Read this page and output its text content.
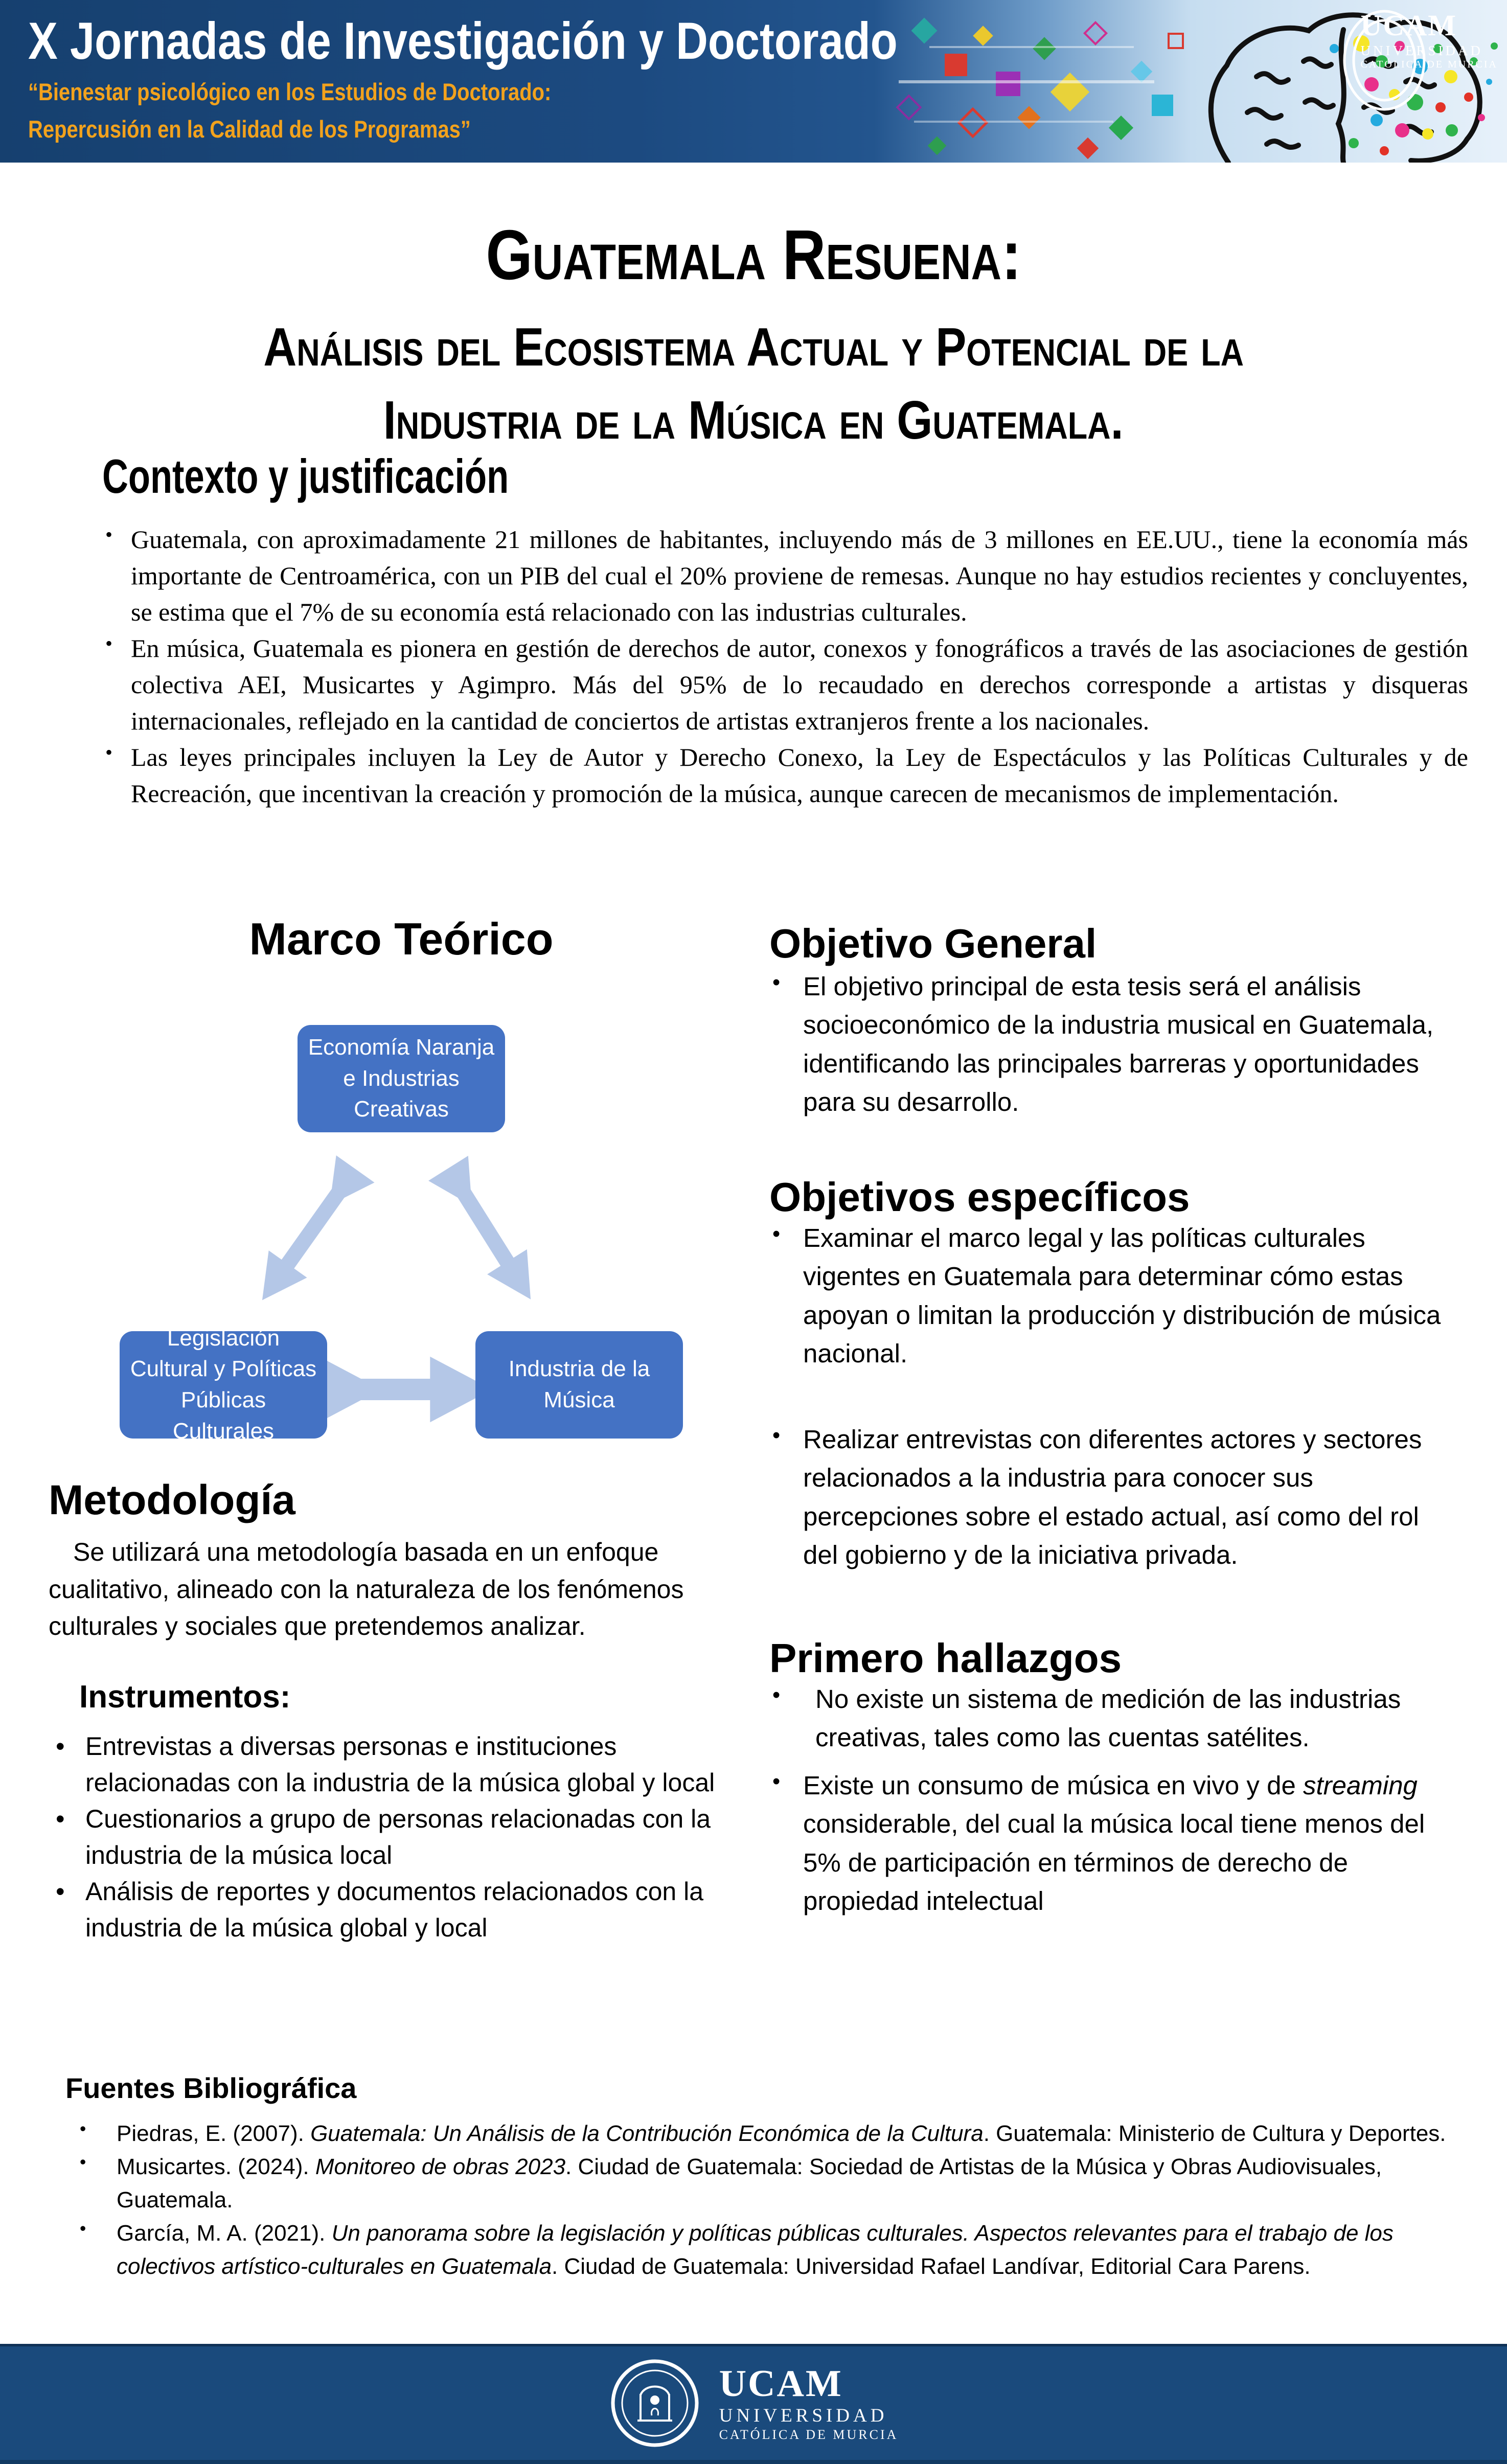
X Jornadas de Investigación y Doctorado
“Bienestar psicológico en los Estudios de Doctorado:
Repercusión en la Calidad de los Programas”
UCAM
UNIVERSIDAD
CATÓLICA DE MURCIA
Guatemala Resuena:
Análisis del Ecosistema Actual y Potencial de la
Industria de la Música en Guatemala.
Contexto y justificación
• Guatemala, con aproximadamente 21 millones de habitantes, incluyendo más de 3 millones en EE.UU., tiene la economía más importante de Centroamérica, con un PIB del cual el 20% proviene de remesas. Aunque no hay estudios recientes y concluyentes, se estima que el 7% de su economía está relacionado con las industrias culturales.
• En música, Guatemala es pionera en gestión de derechos de autor, conexos y fonográficos a través de las asociaciones de gestión colectiva AEI, Musicartes y Agimpro. Más del 95% de lo recaudado en derechos corresponde a artistas y disqueras internacionales, reflejado en la cantidad de conciertos de artistas extranjeros frente a los nacionales.
• Las leyes principales incluyen la Ley de Autor y Derecho Conexo, la Ley de Espectáculos y las Políticas Culturales y de Recreación, que incentivan la creación y promoción de la música, aunque carecen de mecanismos de implementación.
Marco Teórico
Economía Naranja e Industrias Creativas
Legislación Cultural y Políticas Públicas Culturales
Industria de la Música
Metodología
Se utilizará una metodología basada en un enfoque cualitativo, alineado con la naturaleza de los fenómenos culturales y sociales que pretendemos analizar.
Instrumentos:
• Entrevistas a diversas personas e instituciones relacionadas con la industria de la música global y local
• Cuestionarios a grupo de personas relacionadas con la industria de la música local
• Análisis de reportes y documentos relacionados con la industria de la música global y local
Objetivo General
• El objetivo principal de esta tesis será el análisis socioeconómico de la industria musical en Guatemala, identificando las principales barreras y oportunidades para su desarrollo.
Objetivos específicos
• Examinar el marco legal y las políticas culturales vigentes en Guatemala para determinar cómo estas apoyan o limitan la producción y distribución de música nacional.
• Realizar entrevistas con diferentes actores y sectores relacionados a la industria para conocer sus percepciones sobre el estado actual, así como del rol del gobierno y de la iniciativa privada.
Primero hallazgos
• No existe un sistema de medición de las industrias creativas, tales como las cuentas satélites.
• Existe un consumo de música en vivo y de streaming considerable, del cual la música local tiene menos del 5% de participación en términos de derecho de propiedad intelectual
Fuentes Bibliográfica
• Piedras, E. (2007). Guatemala: Un Análisis de la Contribución Económica de la Cultura. Guatemala: Ministerio de Cultura y Deportes.
• Musicartes. (2024). Monitoreo de obras 2023. Ciudad de Guatemala: Sociedad de Artistas de la Música y Obras Audiovisuales, Guatemala.
• García, M. A. (2021). Un panorama sobre la legislación y políticas públicas culturales. Aspectos relevantes para el trabajo de los colectivos artístico-culturales en Guatemala. Ciudad de Guatemala: Universidad Rafael Landívar, Editorial Cara Parens.
UCAM
UNIVERSIDAD
CATÓLICA DE MURCIA
